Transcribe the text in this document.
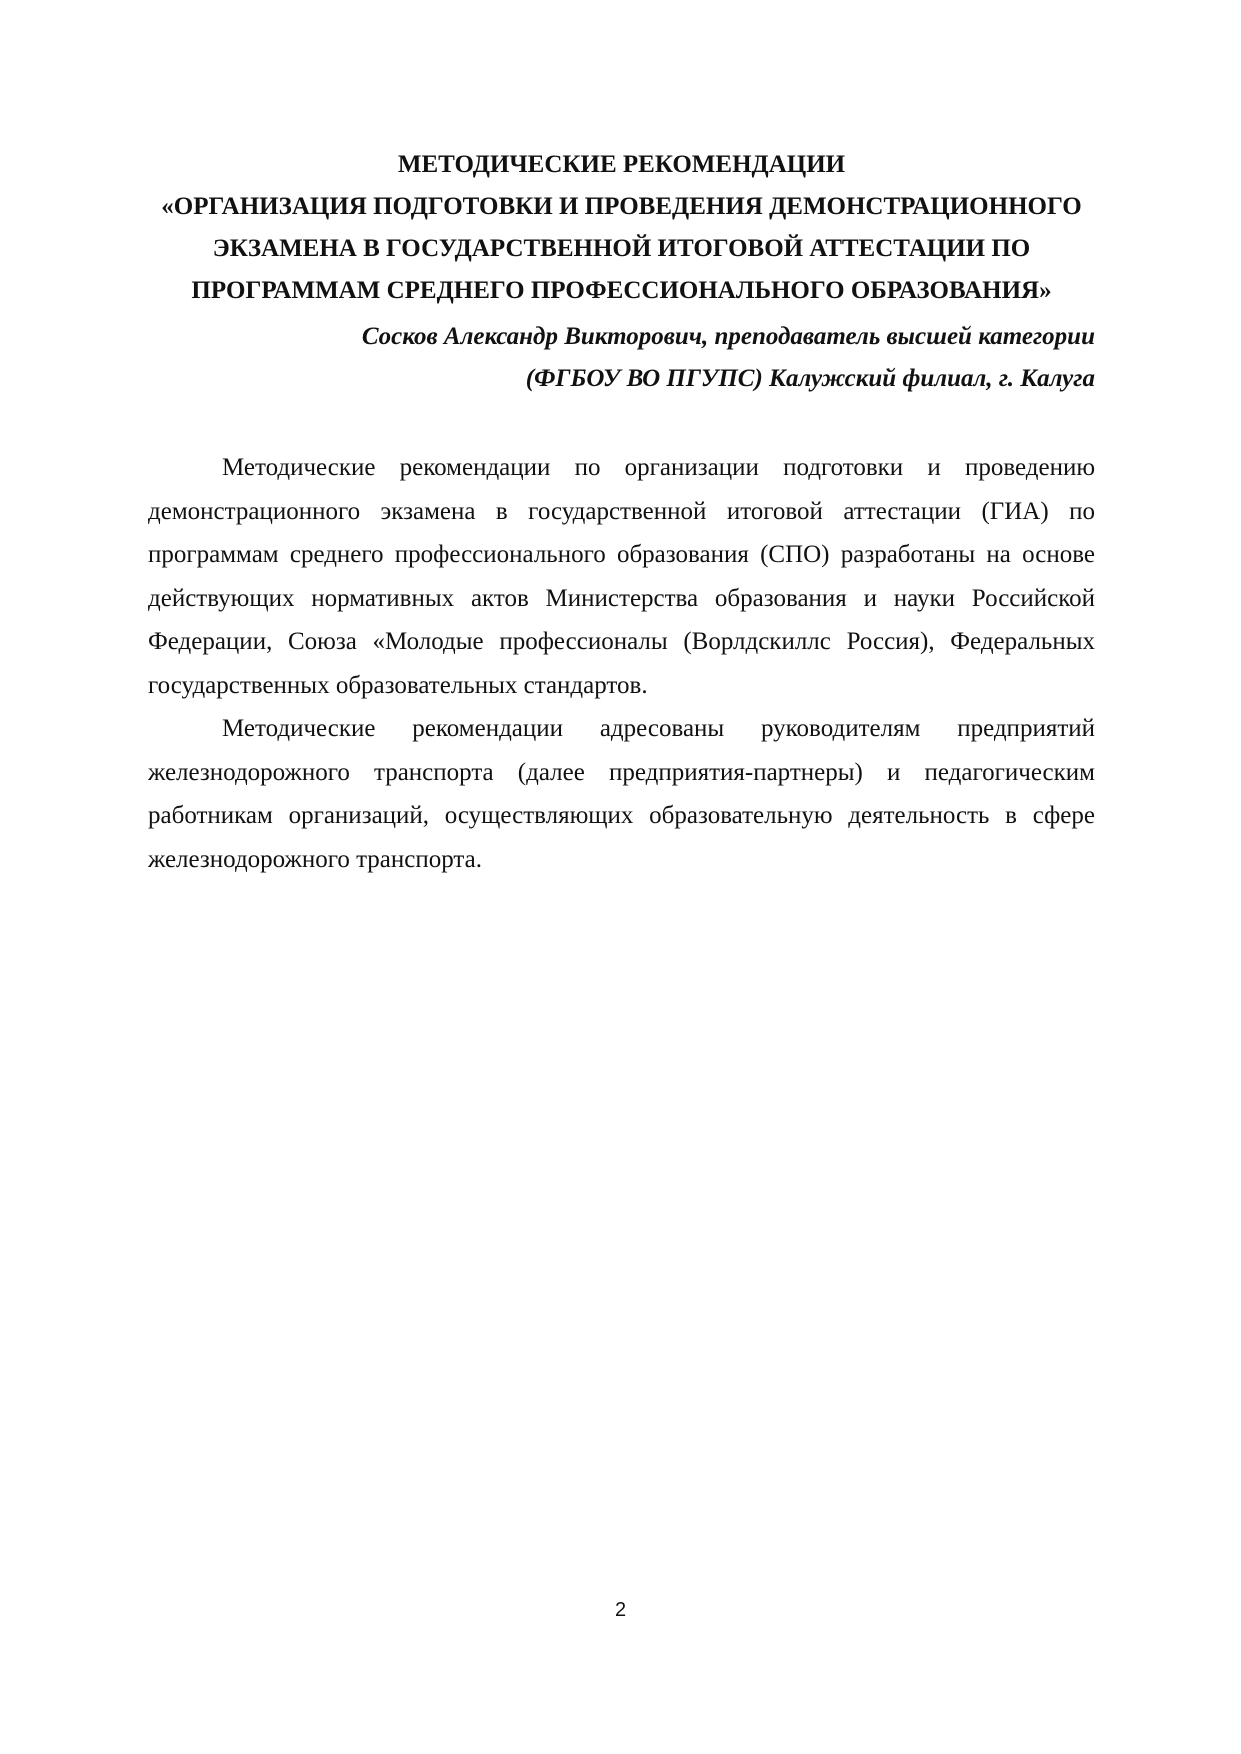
МЕТОДИЧЕСКИЕ РЕКОМЕНДАЦИИ
«ОРГАНИЗАЦИЯ ПОДГОТОВКИ И ПРОВЕДЕНИЯ ДЕМОНСТРАЦИОННОГО
ЭКЗАМЕНА В ГОСУДАРСТВЕННОЙ ИТОГОВОЙ АТТЕСТАЦИИ ПО
ПРОГРАММАМ СРЕДНЕГО ПРОФЕССИОНАЛЬНОГО ОБРАЗОВАНИЯ»
Сосков Александр Викторович, преподаватель высшей категории
(ФГБОУ ВО ПГУПС) Калужский филиал, г. Калуга

Методические рекомендации по организации подготовки и проведению демонстрационного экзамена в государственной итоговой аттестации (ГИА) по программам среднего профессионального образования (СПО) разработаны на основе действующих нормативных актов Министерства образования и науки Российской Федерации, Союза «Молодые профессионалы (Ворлдскиллс Россия), Федеральных государственных образовательных стандартов.

Методические рекомендации адресованы руководителям предприятий железнодорожного транспорта (далее предприятия-партнеры) и педагогическим работникам организаций, осуществляющих образовательную деятельность в сфере железнодорожного транспорта.

2
